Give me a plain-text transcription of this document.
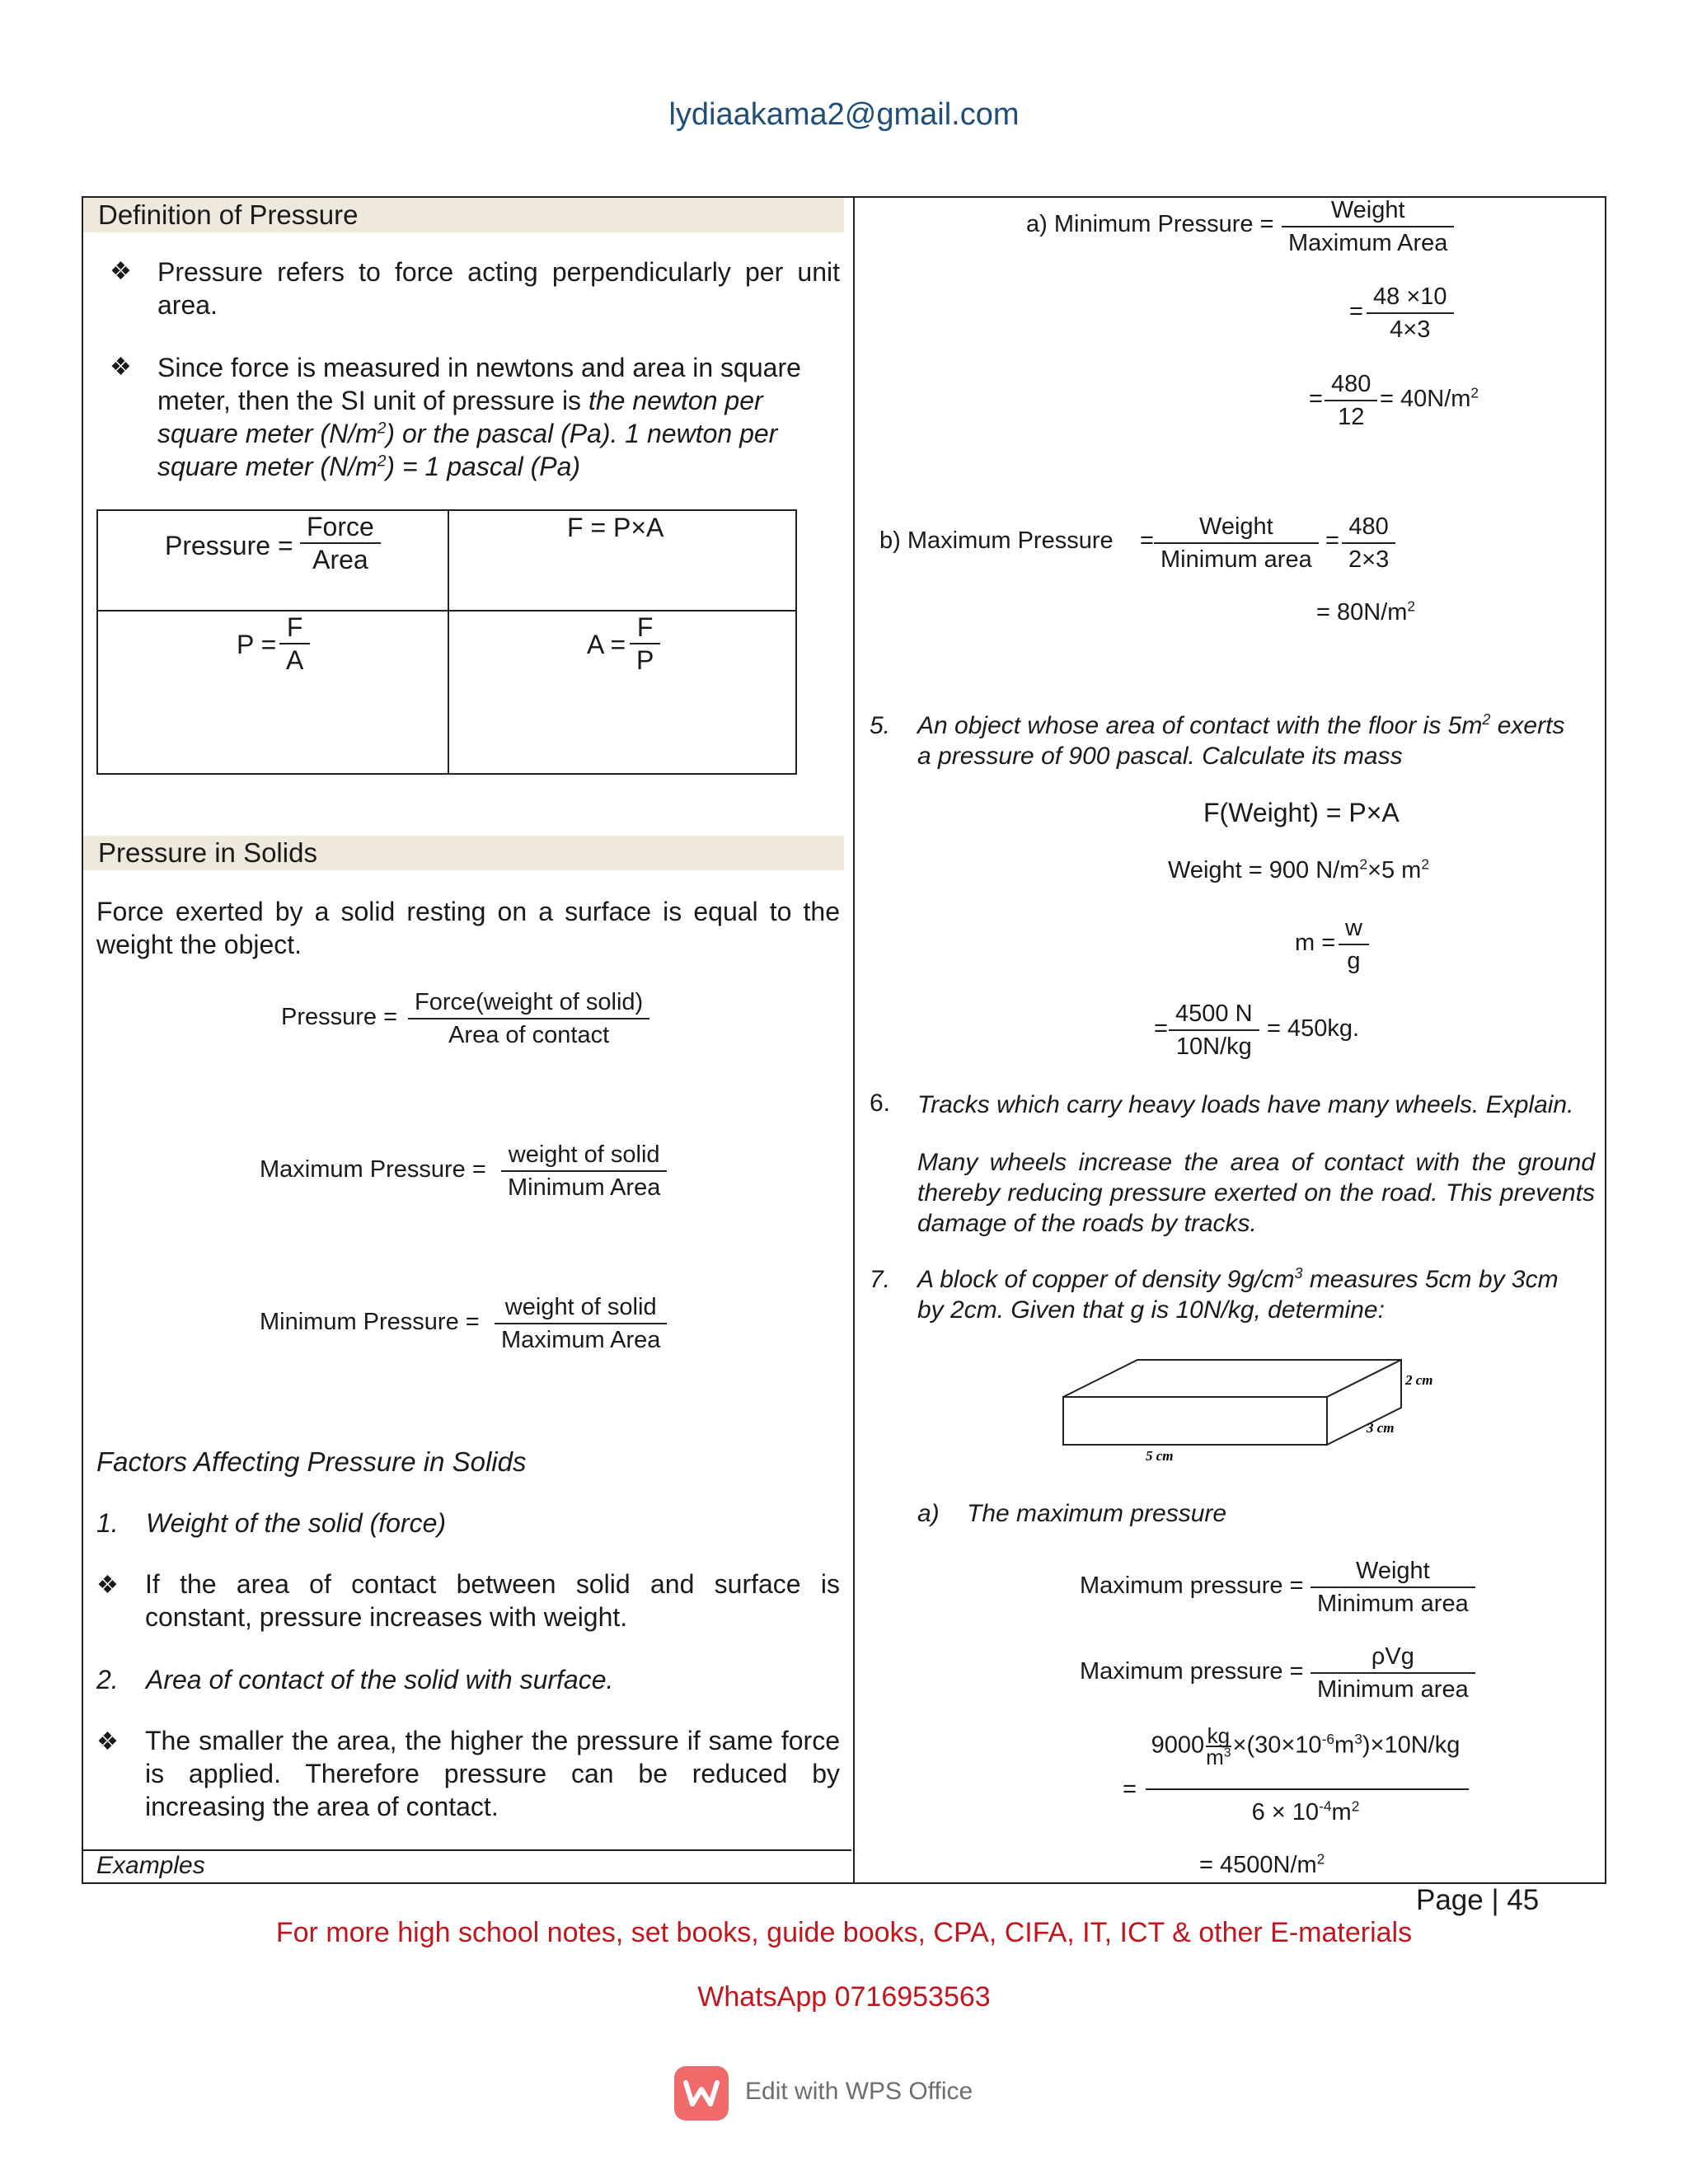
lydiaakama2@gmail.com
Definition of Pressure
❖ Pressure refers to force acting perpendicularly per unit area.
❖ Since force is measured in newtons and area in square
meter, then the SI unit of pressure is the newton per
square meter $(N/m^2)$ or the pascal (Pa). 1 newton per
square meter $(N/m^2) = 1$ pascal (Pa)
Pressure =
Force
Area
F = P×A
$P = \frac{F}{A}$	$A = \frac{F}{P}$
Pressure in Solids
Force exerted by a solid resting on a surface is equal to the weight the object.
Pressure =
Force(weight of solid)
Area of contact
Maximum Pressure =
weight of solid
Minimum Area
Minimum Pressure =
weight of solid
Maximum Area
Factors Affecting Pressure in Solids
1. Weight of the solid (force)
❖ If the area of contact between solid and surface is constant, pressure increases with weight.
2. Area of contact of the solid with surface.
❖ The smaller the area, the higher the pressure if same force is applied. Therefore pressure can be reduced by increasing the area of contact.
Examples
a) Minimum Pressure =
Weight
Maximum Area
= $\frac{48 \times 10}{4\times 3}$
= $\frac{480}{12} = 40N/m^2$
b) Maximum Pressure =
Weight
Minimum area
= $\frac{480}{2\times 3}$
= $80N/m^2$
5. An object whose area of contact with the floor is $5m^2$ exerts
a pressure of 900 pascal. Calculate its mass
F(Weight) = P×A
Weight = 900 $N/m^2\times 5$ $m^2$
$m = \frac{w}{g}$
= $\frac{4500 N}{10N/kg} = 450kg$.
6. Tracks which carry heavy loads have many wheels. Explain.
Many wheels increase the area of contact with the ground thereby reducing pressure exerted on the road. This prevents damage of the roads by tracks.
7. A block of copper of density $9g/cm^3$ measures 5cm by 3cm
by 2cm. Given that g is 10N/kg, determine:
2 cm
3 cm
5 cm
a) The maximum pressure
Maximum pressure =
Weight
Minimum area
Maximum pressure =
ρVg
Minimum area
=
$9000 \frac{kg}{m^3} \times(30\times 10^{-6}m^3)\times 10N/kg$
$6 \times 10^{-4}m^2$
= $4500N/m^2$
Page | 45
For more high school notes, set books, guide books, CPA, CIFA, IT, ICT & other E-materials
WhatsApp 0716953563
Edit with WPS Office
